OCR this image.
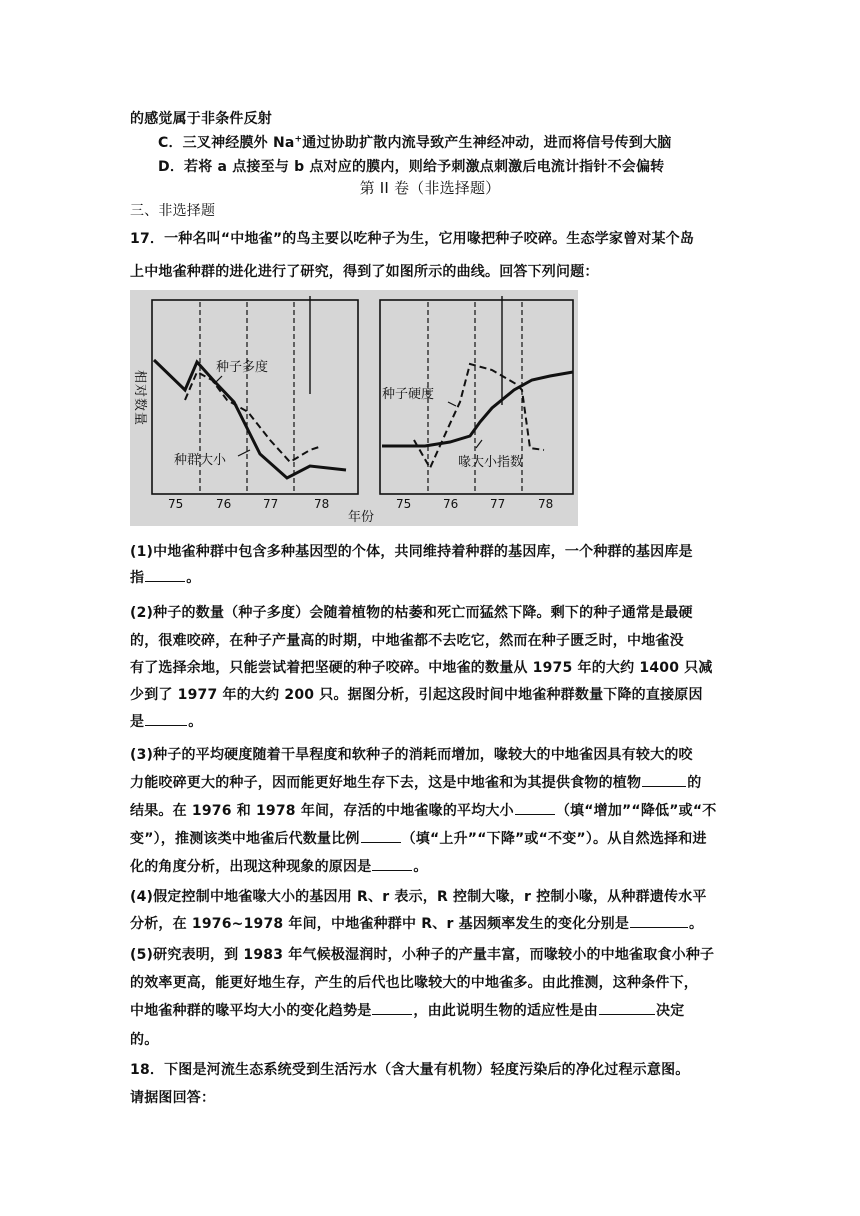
的感觉属于非条件反射
C．三叉神经膜外 Na+通过协助扩散内流导致产生神经冲动，进而将信号传到大脑
D．若将 a 点接至与 b 点对应的膜内，则给予刺激点刺激后电流计指针不会偏转
第 II 卷（非选择题）
三、非选择题
17．一种名叫“中地雀”的鸟主要以吃种子为生，它用喙把种子咬碎。生态学家曾对某个岛
上中地雀种群的进化进行了研究，得到了如图所示的曲线。回答下列问题：
种子多度
种群大小
种子硬度
喙大小指数
相对数量
75	76	77	78	75	76	77	78
年份
(1)中地雀种群中包含多种基因型的个体，共同维持着种群的基因库，一个种群的基因库是
指	。
(2)种子的数量（种子多度）会随着植物的枯萎和死亡而猛然下降。剩下的种子通常是最硬
的，很难咬碎，在种子产量高的时期，中地雀都不去吃它，然而在种子匮乏时，中地雀没
有了选择余地，只能尝试着把坚硬的种子咬碎。中地雀的数量从 1975 年的大约 1400 只减
少到了 1977 年的大约 200 只。据图分析，引起这段时间中地雀种群数量下降的直接原因
是	。
(3)种子的平均硬度随着干旱程度和软种子的消耗而增加，喙较大的中地雀因具有较大的咬
力能咬碎更大的种子，因而能更好地生存下去，这是中地雀和为其提供食物的植物	的
结果。在 1976 和 1978 年间，存活的中地雀喙的平均大小	（填“增加”“降低”或“不
变”），推测该类中地雀后代数量比例	（填“上升”“下降”或“不变”）。从自然选择和进
化的角度分析，出现这种现象的原因是	。
(4)假定控制中地雀喙大小的基因用 R、r 表示，R 控制大喙，r 控制小喙，从种群遗传水平
分析，在 1976~1978 年间，中地雀种群中 R、r 基因频率发生的变化分别是	。
(5)研究表明，到 1983 年气候极湿润时，小种子的产量丰富，而喙较小的中地雀取食小种子
的效率更高，能更好地生存，产生的后代也比喙较大的中地雀多。由此推测，这种条件下，
中地雀种群的喙平均大小的变化趋势是	，由此说明生物的适应性是由	决定
的。
18．下图是河流生态系统受到生活污水（含大量有机物）轻度污染后的净化过程示意图。
请据图回答：
